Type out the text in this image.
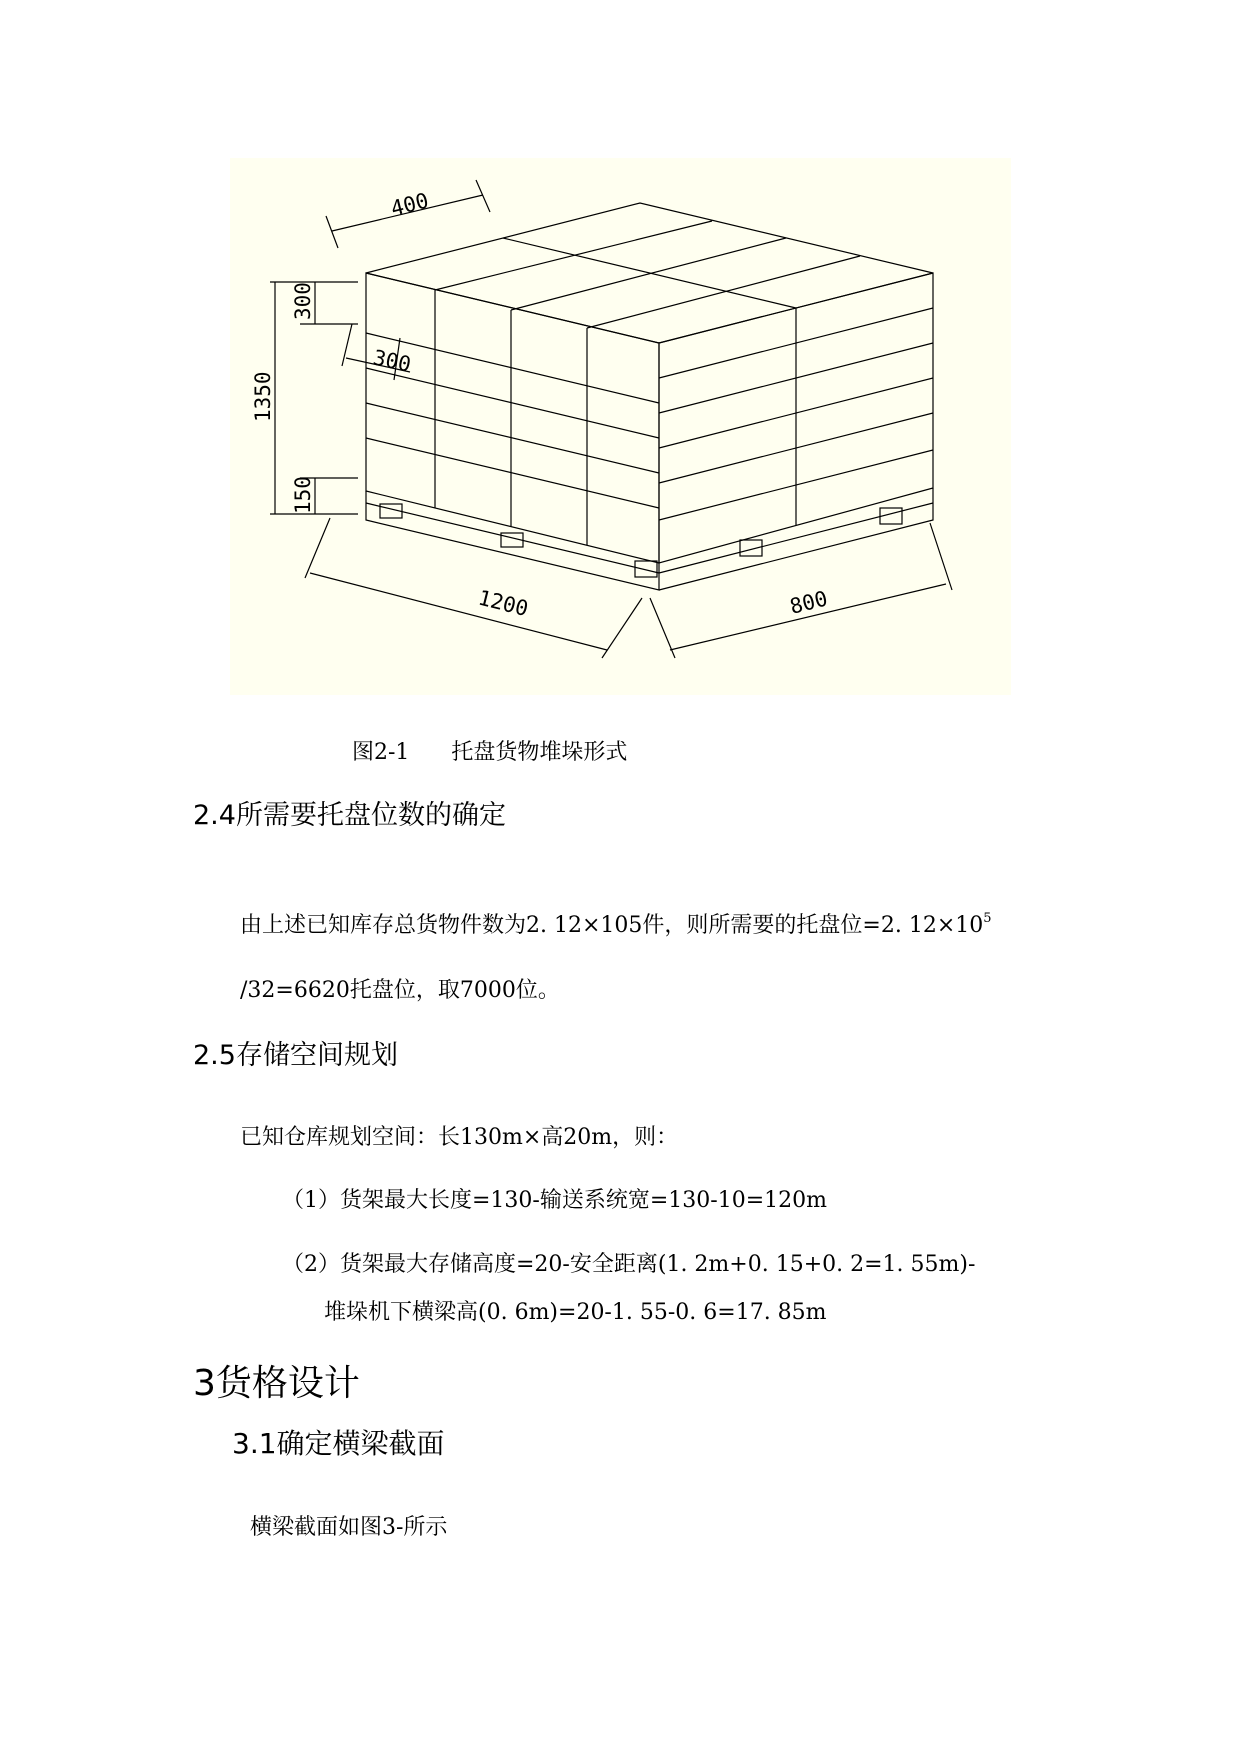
400
300
1350
150
300
1200	800
图2-1      托盘货物堆垛形式
2.4所需要托盘位数的确定
由上述已知库存总货物件数为2. 12×105件，则所需要的托盘位=2. $12\times 10^5$
/32=6620托盘位，取7000位。
2.5存储空间规划
已知仓库规划空间：长130m×高20m，则：
（1）货架最大长度=130-输送系统宽=130-10=120m
（2）货架最大存储高度=20-安全距离(1. 2m+0. 15+0. 2=1. 55m)-
堆垛机下横梁高(0. 6m)=20-1. 55-0. 6=17. 85m
3货格设计
3.1确定横梁截面
横梁截面如图3-所示
